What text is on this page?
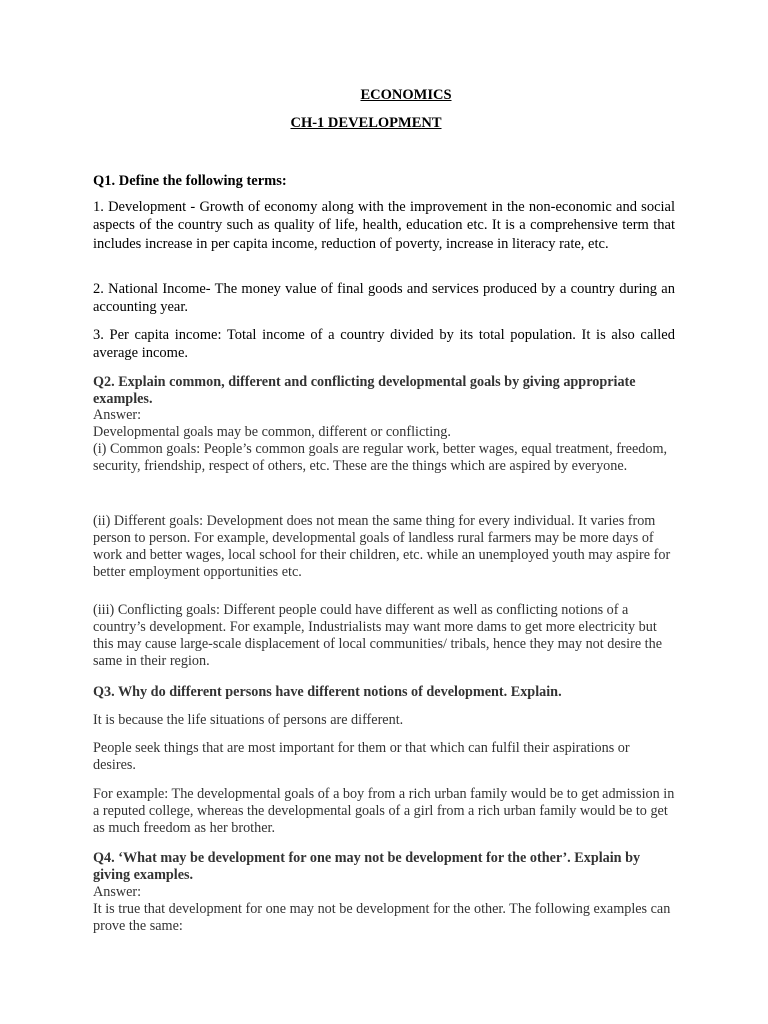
ECONOMICS
CH-1 DEVELOPMENT
Q1. Define the following terms:
1. Development - Growth of economy along with the improvement in the non-economic and social aspects of the country such as quality of life, health, education etc. It is a comprehensive term that includes increase in per capita income, reduction of poverty, increase in literacy rate, etc.
2. National Income- The money value of final goods and services produced by a country during an accounting year.
3. Per capita income: Total income of a country divided by its total population. It is also called average income.
Q2. Explain common, different and conflicting developmental goals by giving appropriate examples.
Answer:
Developmental goals may be common, different or conflicting.
(i) Common goals: People’s common goals are regular work, better wages, equal treatment, freedom, security, friendship, respect of others, etc. These are the things which are aspired by everyone.
(ii) Different goals: Development does not mean the same thing for every individual. It varies from person to person. For example, developmental goals of landless rural farmers may be more days of work and better wages, local school for their children, etc. while an unemployed youth may aspire for better employment opportunities etc.
(iii) Conflicting goals: Different people could have different as well as conflicting notions of a country’s development. For example, Industrialists may want more dams to get more electricity but this may cause large-scale displacement of local communities/ tribals, hence they may not desire the same in their region.
Q3. Why do different persons have different notions of development. Explain.
It is because the life situations of persons are different.
People seek things that are most important for them or that which can fulfil their aspirations or desires.
For example: The developmental goals of a boy from a rich urban family would be to get admission in a reputed college, whereas the developmental goals of a girl from a rich urban family would be to get as much freedom as her brother.
Q4. ‘What may be development for one may not be development for the other’. Explain by giving examples.
Answer:
It is true that development for one may not be development for the other. The following examples can prove the same:
